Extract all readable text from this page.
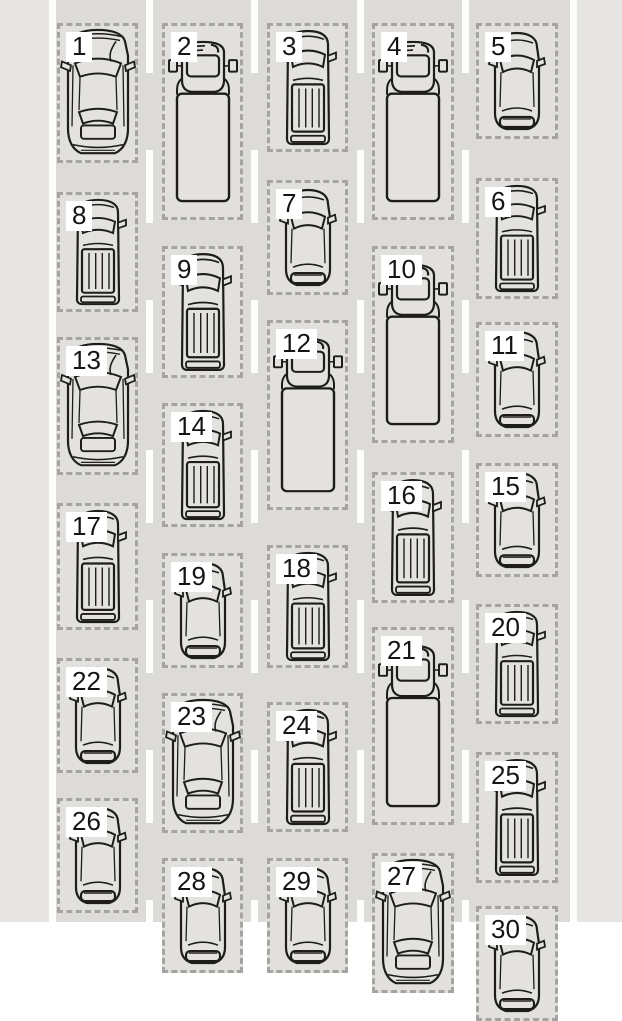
1	2	3	4	5
6
7
8
9	10
11
12
13
14
15
16
17
18
19
20
21
22
23	24
25
26
27
28	29
30
